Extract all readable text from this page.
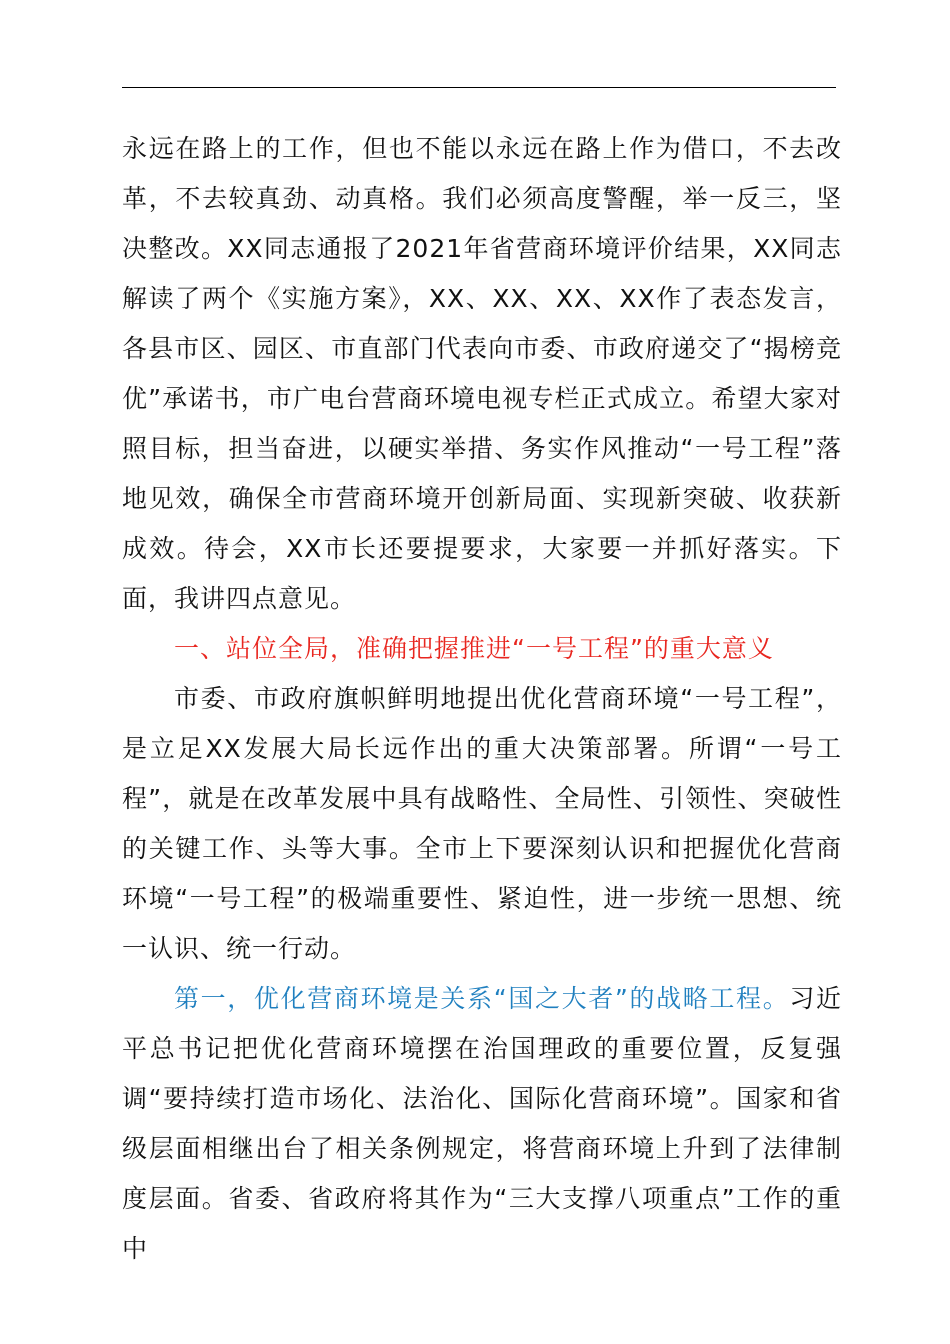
永远在路上的工作，但也不能以永远在路上作为借口，不去改革，不去较真劲、动真格。我们必须高度警醒，举一反三，坚决整改。XX同志通报了2021年省营商环境评价结果，XX同志解读了两个《实施方案》，XX、XX、XX、XX作了表态发言，各县市区、园区、市直部门代表向市委、市政府递交了“揭榜竞优”承诺书，市广电台营商环境电视专栏正式成立。希望大家对照目标，担当奋进，以硬实举措、务实作风推动“一号工程”落地见效，确保全市营商环境开创新局面、实现新突破、收获新成效。待会，XX市长还要提要求，大家要一并抓好落实。下面，我讲四点意见。

一、站位全局，准确把握推进“一号工程”的重大意义

市委、市政府旗帜鲜明地提出优化营商环境“一号工程”，是立足XX发展大局长远作出的重大决策部署。所谓“一号工程”，就是在改革发展中具有战略性、全局性、引领性、突破性的关键工作、头等大事。全市上下要深刻认识和把握优化营商环境“一号工程”的极端重要性、紧迫性，进一步统一思想、统一认识、统一行动。

第一，优化营商环境是关系“国之大者”的战略工程。习近平总书记把优化营商环境摆在治国理政的重要位置，反复强调“要持续打造市场化、法治化、国际化营商环境”。国家和省级层面相继出台了相关条例规定，将营商环境上升到了法律制度层面。省委、省政府将其作为“三大支撑八项重点”工作的重中
